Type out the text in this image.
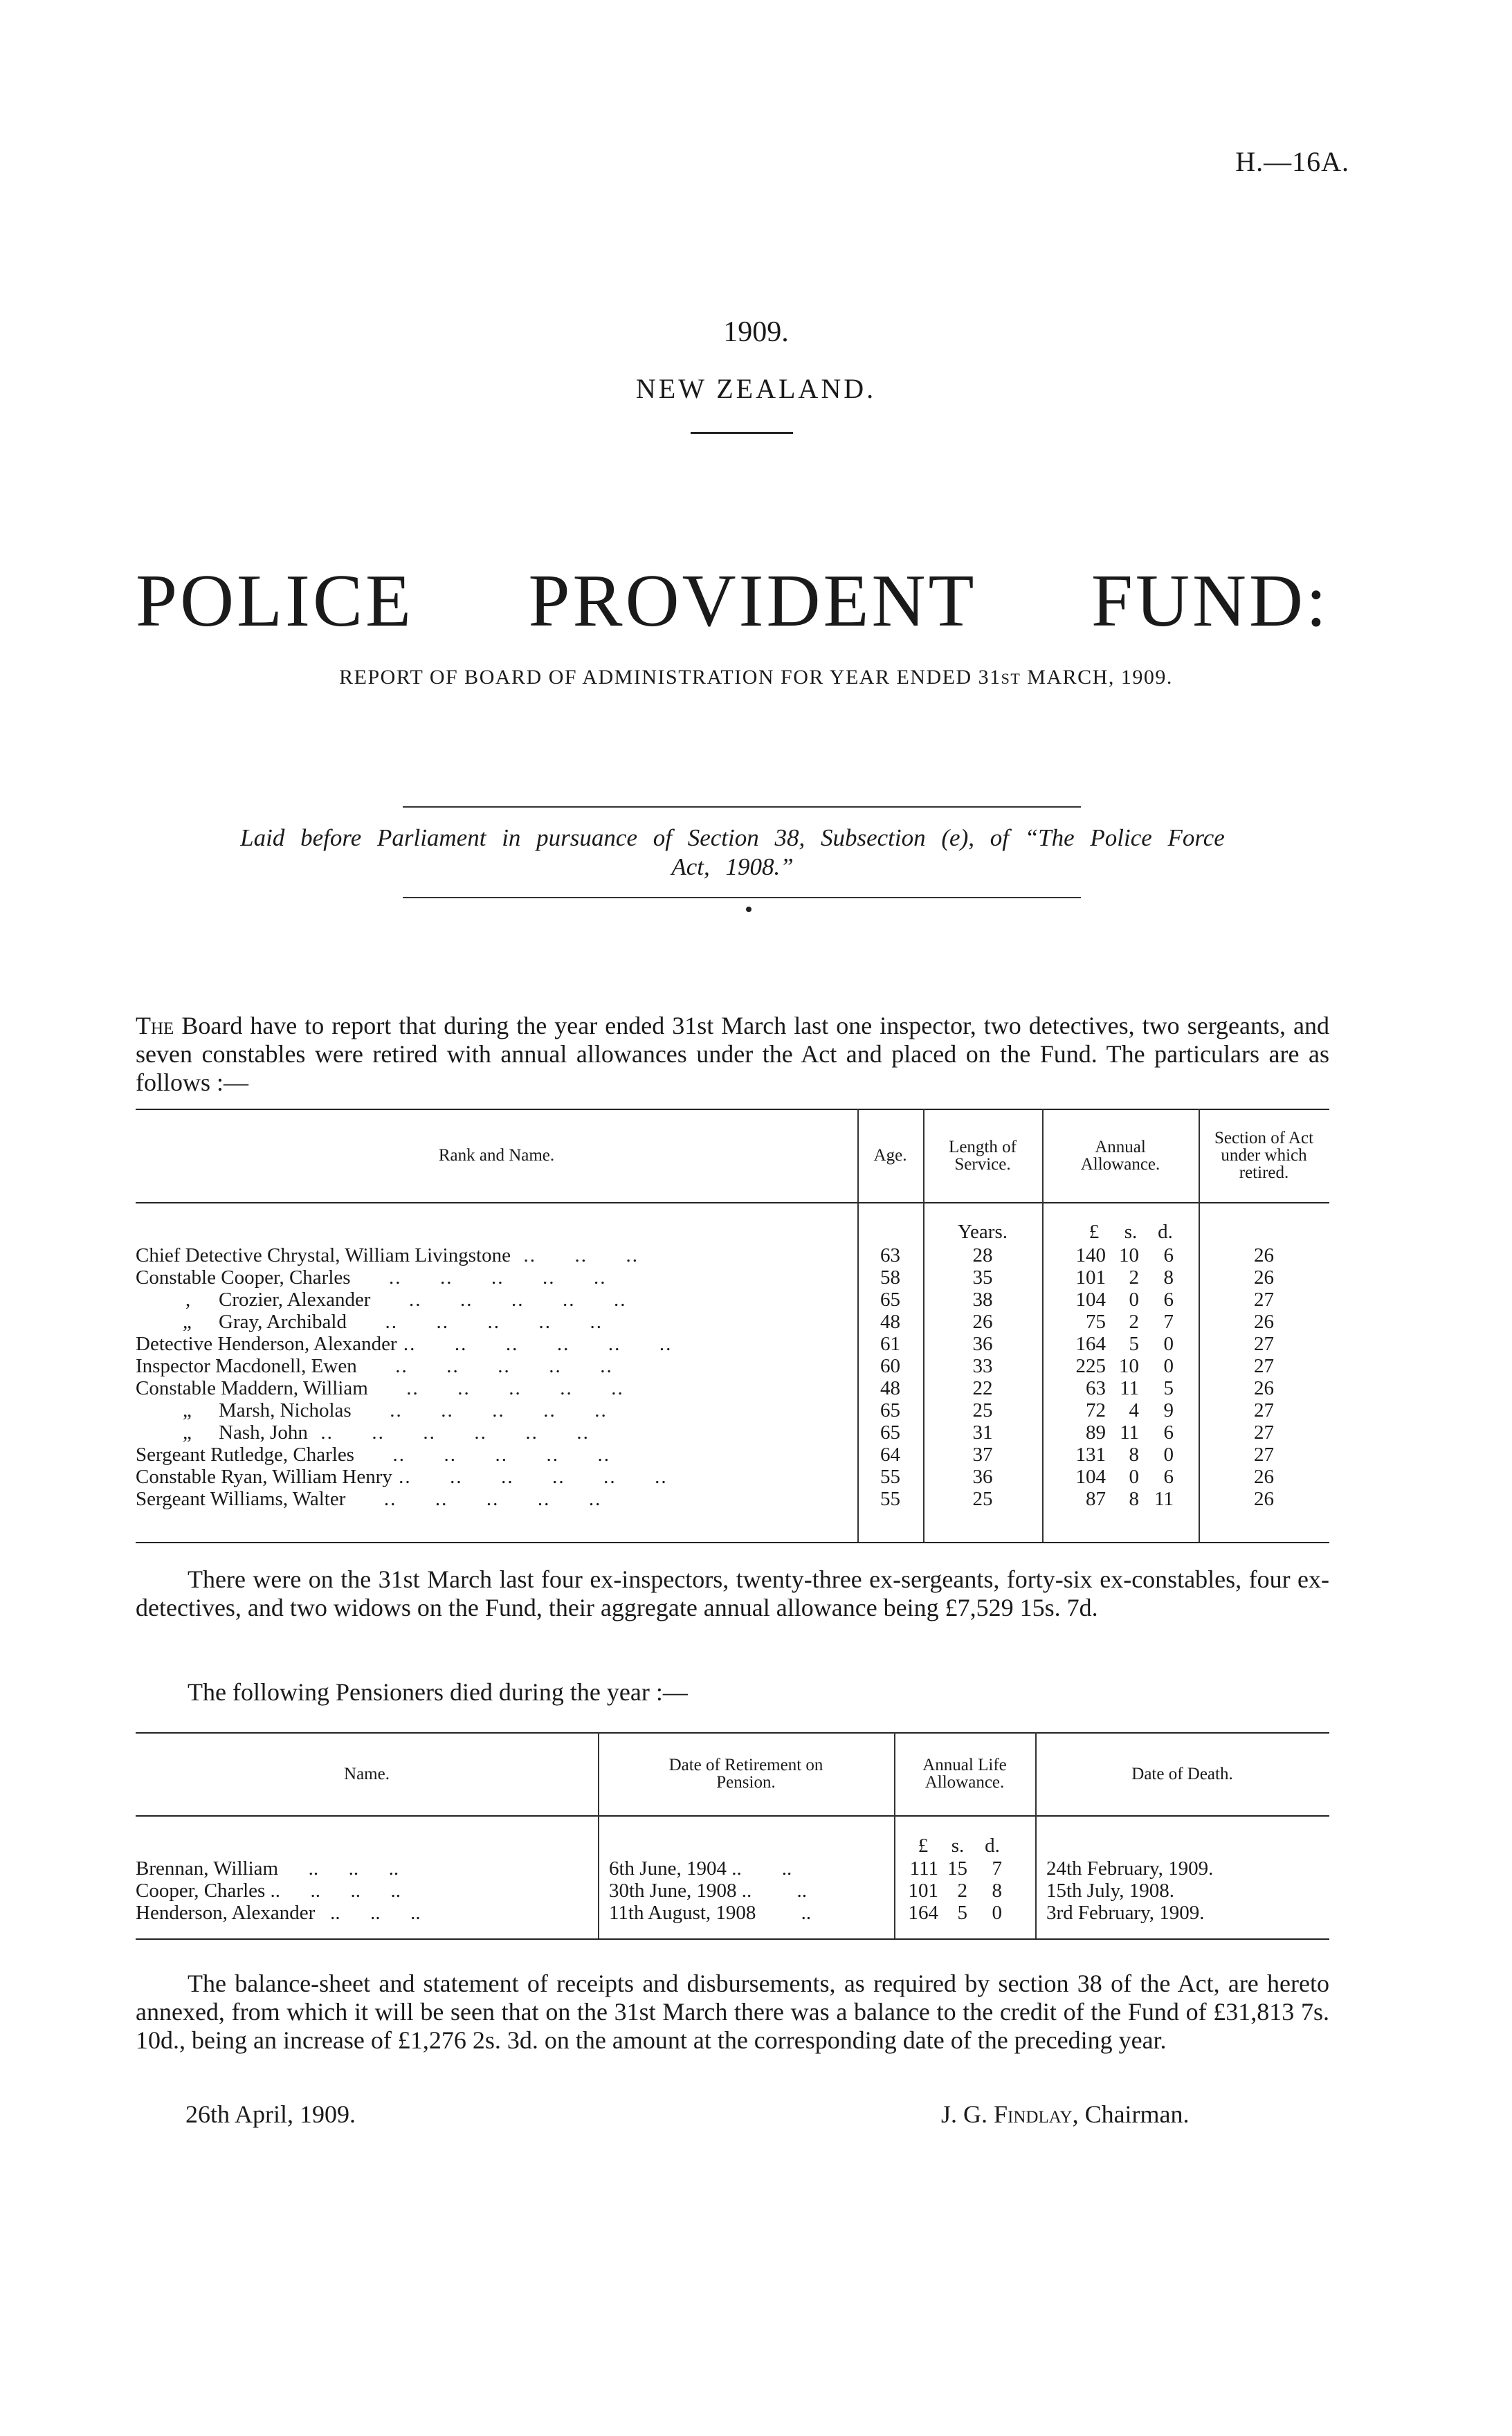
H.—16A.
1909.
NEW ZEALAND.
POLICE PROVIDENT FUND:
REPORT OF BOARD OF ADMINISTRATION FOR YEAR ENDED 31ST MARCH, 1909.
Laid before Parliament in pursuance of Section 38, Subsection (e), of “The Police Force
Act, 1908.”
The Board have to report that during the year ended 31st March last one inspector, two detectives, two sergeants, and seven constables were retired with annual allowances under the Act and placed on the Fund. The particulars are as follows :—
Rank and Name.	Age.	Length of
Service.
Annual
Allowance.
Section of Act
under which
retired.
Years.	£	s.	d.
Chief Detective Chrystal, William Livingstone  ..      ..      ..	63	28	140 10	6	26
Constable Cooper, Charles      ..      ..      ..      ..      ..	58	35	101	2	8	26
,	Crozier, Alexander      ..      ..      ..      ..      ..	65	38	104	0	6	27
„	Gray, Archibald      ..      ..      ..      ..      ..	48	26	75	2	7	26
Detective Henderson, Alexander ..      ..      ..      ..      ..      ..	61	36	164	5	0	27
Inspector Macdonell, Ewen      ..      ..      ..      ..      ..	60	33	225 10	0	27
Constable Maddern, William      ..      ..      ..      ..      ..	48	22	63 11	5	26
„	Marsh, Nicholas      ..      ..      ..      ..      ..	65	25	72	4	9	27
„	Nash, John  ..      ..      ..      ..      ..      ..	65	31	89 11	6	27
Sergeant Rutledge, Charles      ..      ..      ..      ..      ..	64	37	131	8	0	27
Constable Ryan, William Henry ..      ..      ..      ..      ..      ..	55	36	104	0	6	26
Sergeant Williams, Walter      ..      ..      ..      ..      ..	55	25	87	8 11	26
There were on the 31st March last four ex-inspectors, twenty-three ex-sergeants, forty-six ex-constables, four ex-detectives, and two widows on the Fund, their aggregate annual allowance being £7,529 15s. 7d.
The following Pensioners died during the year :—
Name.	Date of Retirement on
Pension.
Annual Life
Allowance.	Date of Death.
£	s.	d.
Brennan, William      ..      ..      ..	6th June, 1904 ..        ..	111 15	7 24th February, 1909.
Cooper, Charles ..      ..      ..      ..	30th June, 1908 ..         ..	101 2	8 15th July, 1908.
Henderson, Alexander   ..      ..      ..	11th August, 1908         ..	164 5	0 3rd February, 1909.
The balance-sheet and statement of receipts and disbursements, as required by section 38 of the Act, are hereto annexed, from which it will be seen that on the 31st March there was a balance to the credit of the Fund of £31,813 7s. 10d., being an increase of £1,276 2s. 3d. on the amount at the corresponding date of the preceding year.
26th April, 1909.	J. G. Findlay, Chairman.
